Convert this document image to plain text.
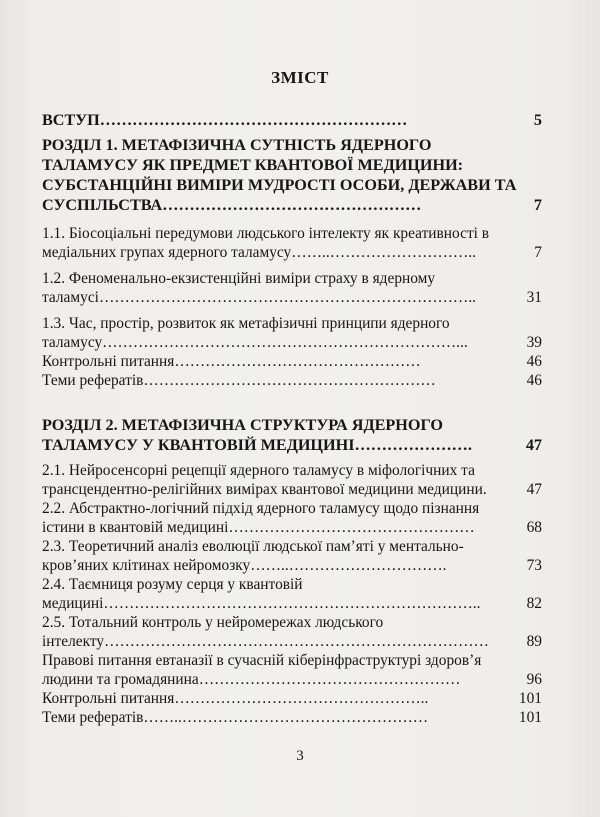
ЗМІСТ
ВСТУП …………………………………………………	5
РОЗДІЛ 1. МЕТАФІЗИЧНА СУТНІСТЬ ЯДЕРНОГО
ТАЛАМУСУ ЯК ПРЕДМЕТ КВАНТОВОЇ МЕДИЦИНИ:
СУБСТАНЦІЙНІ ВИМІРИ МУДРОСТІ ОСОБИ, ДЕРЖАВИ ТА
СУСПІЛЬСТВА …………………………………………	7
1.1. Біосоціальні передумови людського інтелекту як креативності в
медіальних групах ядерного таламусу ……..………………………..	7
1.2. Феноменально-екзистенційні виміри страху в ядерному
таламусі ………………………………………………………………..	31
1.3. Час, простір, розвиток як метафізичні принципи ядерного
таламусу ……………………………………………………………...	39
Контрольні питання …………………………………………	46
Теми рефератів …………………………………………………	46
РОЗДІЛ 2. МЕТАФІЗИЧНА СТРУКТУРА ЯДЕРНОГО
ТАЛАМУСУ У КВАНТОВІЙ МЕДИЦИНІ ………………….	47
2.1. Нейросенсорні рецепції ядерного таламусу в міфологічних та
трансцендентно-релігійних вимірах квантової медицини медицини .	47
2.2. Абстрактно-логічний підхід ядерного таламусу щодо пізнання
істини в квантовій медицині …………………………………………	68
2.3. Теоретичний аналіз еволюції людської пам’яті у ментально-
кров’яних клітинах нейромозку ……..………………………….	73
2.4. Таємниця розуму серця у квантовій
медицині ………………………………………………………………..	82
2.5. Тотальний контроль у нейромережах людського
інтелекту …………………………………………………………………	89
Правові питання евтаназії в сучасній кіберінфраструктурі здоров’я
людини та громадянина ……………………………………………	96
Контрольні питання …………………………………………..	101
Теми рефератів ……..…………………………………………	101
3
